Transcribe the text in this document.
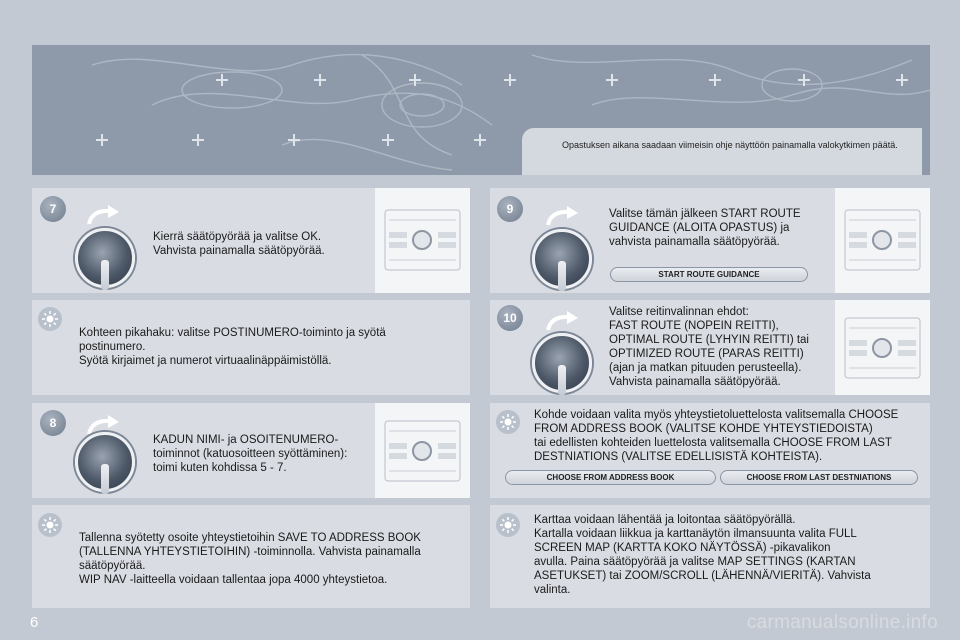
Opastuksen aikana saadaan viimeisin ohje näyttöön painamalla valokytkimen päätä.
7
Kierrä säätöpyörää ja valitse OK.
Vahvista painamalla säätöpyörää.
Kohteen pikahaku: valitse POSTINUMERO-toiminto ja syötä
postinumero.
Syötä kirjaimet ja numerot virtuaalinäppäimistöllä.
8
KADUN NIMI- ja OSOITENUMERO-
toiminnot (katuosoitteen syöttäminen):
toimi kuten kohdissa 5 - 7.
Tallenna syötetty osoite yhteystietoihin SAVE TO ADDRESS BOOK
(TALLENNA YHTEYSTIETOIHIN) -toiminnolla. Vahvista painamalla
säätöpyörää.
WIP NAV -laitteella voidaan tallentaa jopa 4000 yhteystietoa.
9	Valitse tämän jälkeen START ROUTE
GUIDANCE (ALOITA OPASTUS) ja
vahvista painamalla säätöpyörää.
START ROUTE GUIDANCE
10	Valitse reitinvalinnan ehdot:
FAST ROUTE (NOPEIN REITTI),
OPTIMAL ROUTE (LYHYIN REITTI) tai
OPTIMIZED ROUTE (PARAS REITTI)
(ajan ja matkan pituuden perusteella).
Vahvista painamalla säätöpyörää.
Kohde voidaan valita myös yhteystietoluettelosta valitsemalla CHOOSE
FROM ADDRESS BOOK (VALITSE KOHDE YHTEYSTIEDOISTA)
tai edellisten kohteiden luettelosta valitsemalla CHOOSE FROM LAST
DESTNIATIONS (VALITSE EDELLISISTÄ KOHTEISTA).
CHOOSE FROM ADDRESS BOOK	CHOOSE FROM LAST DESTNIATIONS
Karttaa voidaan lähentää ja loitontaa säätöpyörällä.
Kartalla voidaan liikkua ja karttanäytön ilmansuunta valita FULL
SCREEN MAP (KARTTA KOKO NÄYTÖSSÄ) -pikavalikon
avulla. Paina säätöpyörää ja valitse MAP SETTINGS (KARTAN
ASETUKSET) tai ZOOM/SCROLL (LÄHENNÄ/VIERITÄ). Vahvista
valinta.
6	carmanualsonline.info
